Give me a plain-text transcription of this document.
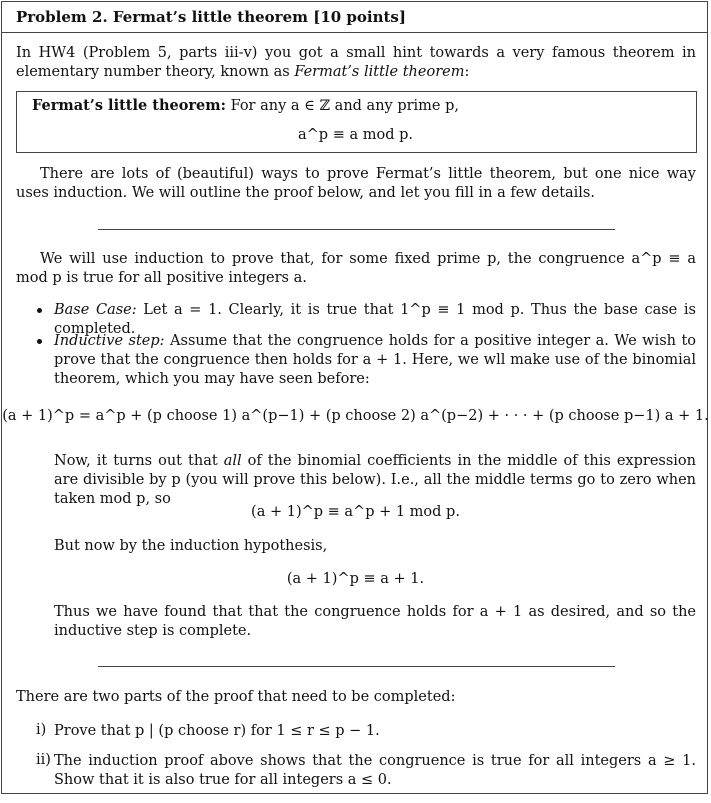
Problem 2. Fermat’s little theorem [10 points]
In HW4 (Problem 5, parts iii-v) you got a small hint towards a very famous theorem in elementary number theory, known as Fermat’s little theorem:
Fermat’s little theorem: For any a ∈ ℤ and any prime p,
a^p ≡ a mod p.
There are lots of (beautiful) ways to prove Fermat’s little theorem, but one nice way uses induction. We will outline the proof below, and let you fill in a few details.
We will use induction to prove that, for some fixed prime p, the congruence a^p ≡ a mod p is true for all positive integers a.
Base Case: Let a = 1. Clearly, it is true that 1^p ≡ 1 mod p. Thus the base case is completed.
Inductive step: Assume that the congruence holds for a positive integer a. We wish to prove that the congruence then holds for a + 1. Here, we wll make use of the binomial theorem, which you may have seen before:
(a + 1)^p = a^p + (p choose 1) a^(p−1) + (p choose 2) a^(p−2) + · · · + (p choose p−1) a + 1.
Now, it turns out that all of the binomial coefficients in the middle of this expression are divisible by p (you will prove this below). I.e., all the middle terms go to zero when taken mod p, so
(a + 1)^p ≡ a^p + 1 mod p.
But now by the induction hypothesis,
(a + 1)^p ≡ a + 1.
Thus we have found that that the congruence holds for a + 1 as desired, and so the inductive step is complete.
There are two parts of the proof that need to be completed:
i) Prove that p | (p choose r) for 1 ≤ r ≤ p − 1.
ii) The induction proof above shows that the congruence is true for all integers a ≥ 1. Show that it is also true for all integers a ≤ 0.
